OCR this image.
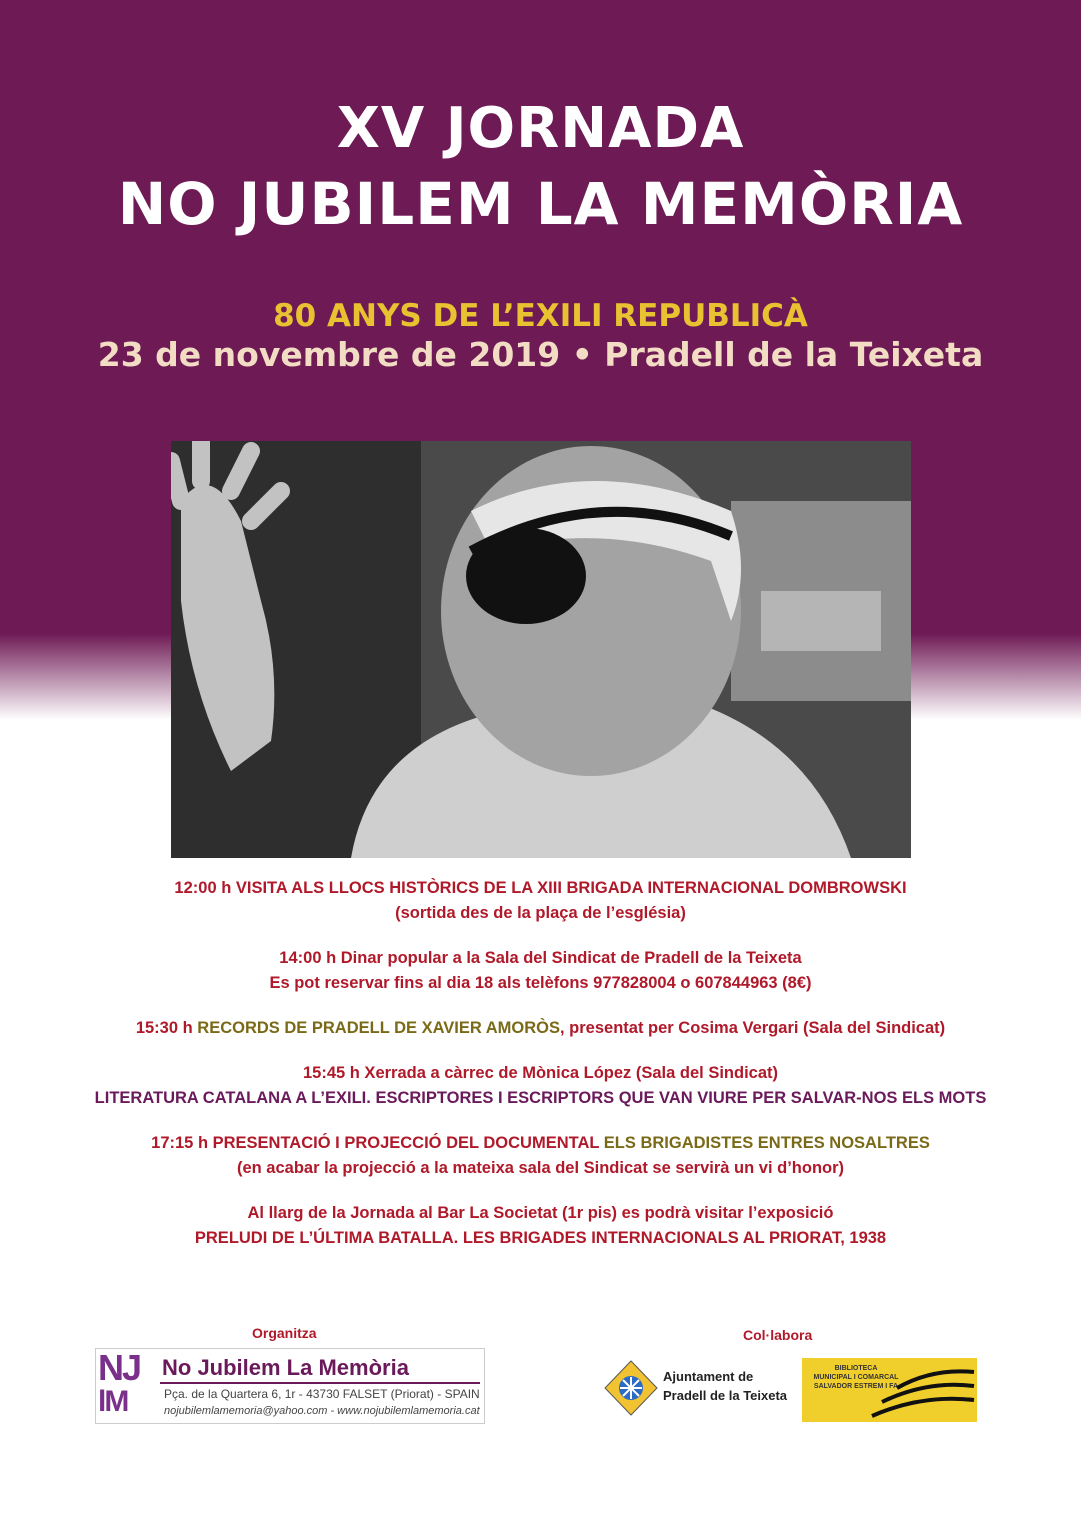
XV JORNADA
NO JUBILEM LA MEMÒRIA
80 ANYS DE L’EXILI REPUBLICÀ
23 de novembre de 2019 • Pradell de la Teixeta

12:00 h VISITA ALS LLOCS HISTÒRICS DE LA XIII BRIGADA INTERNACIONAL DOMBROWSKI
(sortida des de la plaça de l’església)

14:00 h Dinar popular a la Sala del Sindicat de Pradell de la Teixeta
Es pot reservar fins al dia 18 als telèfons 977828004 o 607844963 (8€)

15:30 h RECORDS DE PRADELL DE XAVIER AMORÒS, presentat per Cosima Vergari (Sala del Sindicat)

15:45 h Xerrada a càrrec de Mònica López (Sala del Sindicat)
LITERATURA CATALANA A L’EXILI. ESCRIPTORES I ESCRIPTORS QUE VAN VIURE PER SALVAR-NOS ELS MOTS

17:15 h PRESENTACIÓ I PROJECCIÓ DEL DOCUMENTAL ELS BRIGADISTES ENTRES NOSALTRES
(en acabar la projecció a la mateixa sala del Sindicat se servirà un vi d’honor)

Al llarg de la Jornada al Bar La Societat (1r pis) es podrà visitar l’exposició
PRELUDI DE L’ÚLTIMA BATALLA. LES BRIGADES INTERNACIONALS AL PRIORAT, 1938

Organitza	Col·labora
NJ
lM
No Jubilem La Memòria
Pça. de la Quartera 6, 1r - 43730 FALSET (Priorat) - SPAIN
nojubilemlamemoria@yahoo.com - www.nojubilemlamemoria.cat
Ajuntament de
Pradell de la Teixeta
BIBLIOTECA
MUNICIPAL I COMARCAL
SALVADOR ESTREM I FA
